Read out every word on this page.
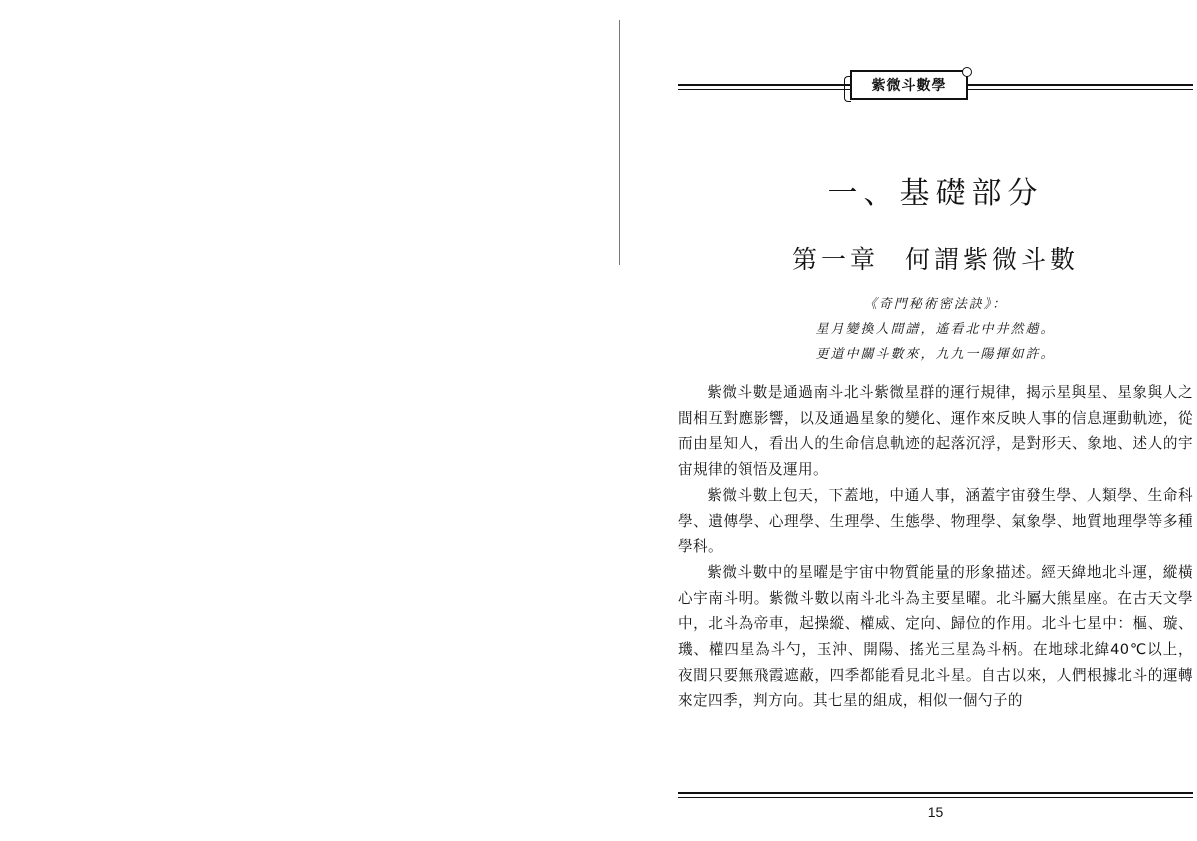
紫微斗數學
一、基礎部分
第一章 何謂紫微斗數
《奇門秘術密法訣》：
星月變換人間譜，遙看北中井然趟。
更道中關斗數來，九九一陽揮如許。

紫微斗數是通過南斗北斗紫微星群的運行規律，揭示星與星、星象與人之間相互對應影響，以及通過星象的變化、運作來反映人事的信息運動軌迹，從而由星知人，看出人的生命信息軌迹的起落沉浮，是對形天、象地、述人的宇宙規律的領悟及運用。

紫微斗數上包天，下蓋地，中通人事，涵蓋宇宙發生學、人類學、生命科學、遺傳學、心理學、生理學、生態學、物理學、氣象學、地質地理學等多種學科。

紫微斗數中的星曜是宇宙中物質能量的形象描述。經天緯地北斗運，縱橫心宇南斗明。紫微斗數以南斗北斗為主要星曜。北斗屬大熊星座。在古天文學中，北斗為帝車，起操縱、權威、定向、歸位的作用。北斗七星中：樞、璇、璣、權四星為斗勺，玉沖、開陽、搖光三星為斗柄。在地球北緯40℃以上，夜間只要無飛霞遮蔽，四季都能看見北斗星。自古以來，人們根據北斗的運轉來定四季，判方向。其七星的組成，相似一個勺子的

15
